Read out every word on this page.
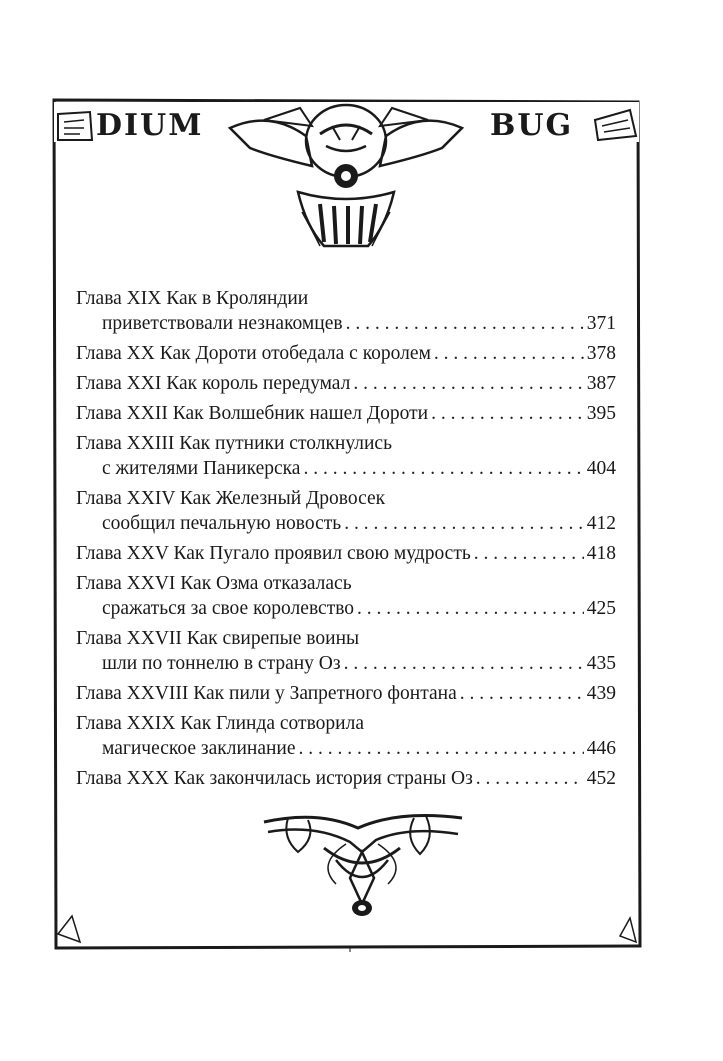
DIUM	BUG
Глава XIX Как в Кроляндии
приветствовали незнакомцев . . .	371
Глава XX Как Дороти отобедала с королем . . .	378
Глава XXI Как король передумал . . .	387
Глава XXII Как Волшебник нашел Дороти . . .	395
Глава XXIII Как путники столкнулись
с жителями Паникерска . . .	404
Глава XXIV Как Железный Дровосек
сообщил печальную новость . . .	412
Глава XXV Как Пугало проявил свою мудрость . . .	418
Глава XXVI Как Озма отказалась
сражаться за свое королевство . . .	425
Глава XXVII Как свирепые воины
шли по тоннелю в страну Оз . . .	435
Глава XXVIII Как пили у Запретного фонтана . . .	439
Глава XXIX Как Глинда сотворила
магическое заклинание . . .	446
Глава XXX Как закончилась история страны Оз . . .	452
